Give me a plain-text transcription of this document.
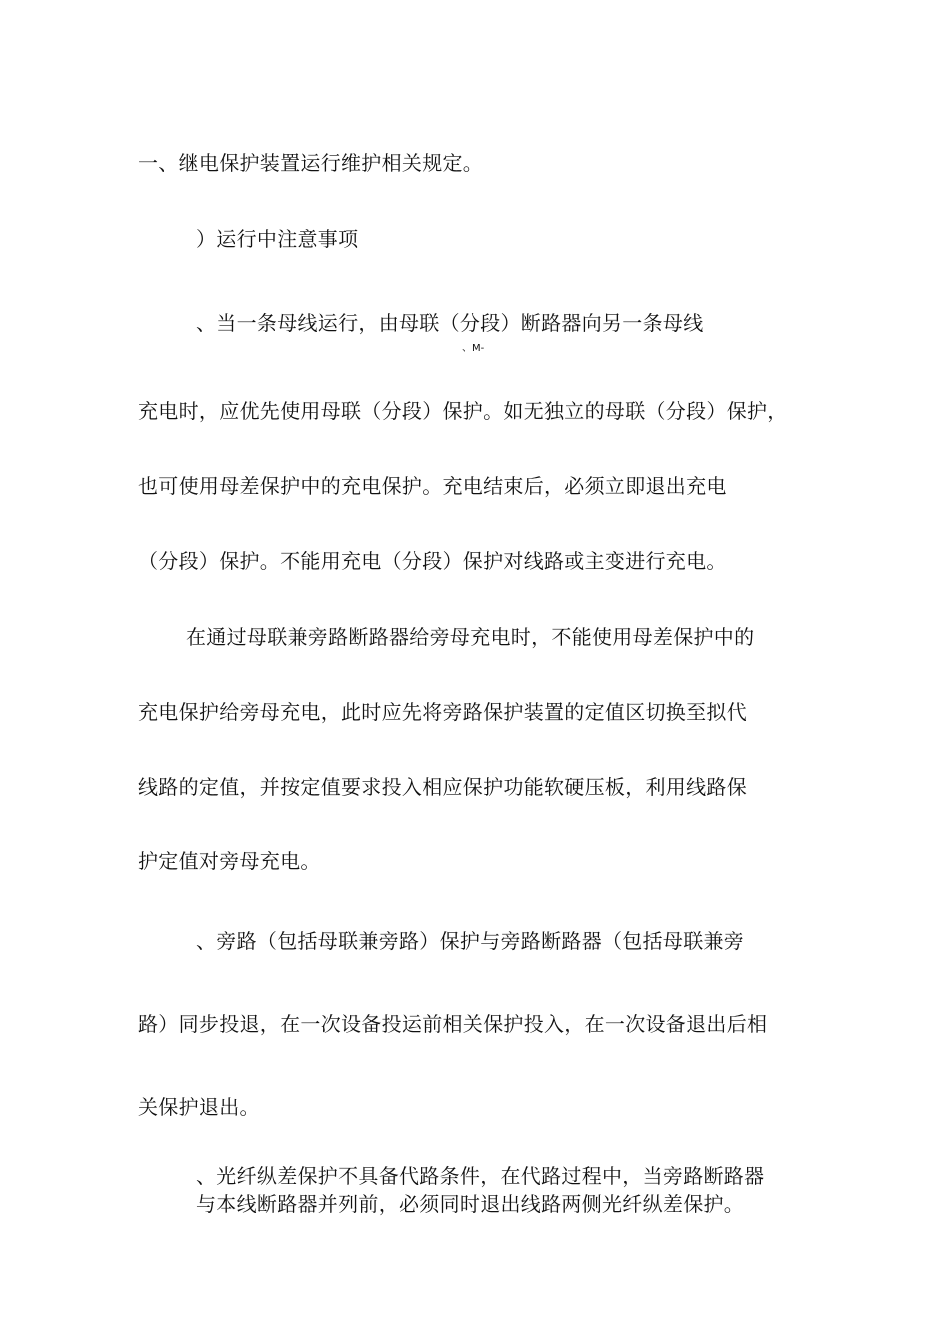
一、继电保护装置运行维护相关规定。
）运行中注意事项
、当一条母线运行，由母联（分段）断路器向另一条母线
、M-
充电时，应优先使用母联（分段）保护。如无独立的母联（分段）保护，
也可使用母差保护中的充电保护。充电结束后，必须立即退出充电
（分段）保护。不能用充电（分段）保护对线路或主变进行充电。
在通过母联兼旁路断路器给旁母充电时，不能使用母差保护中的
充电保护给旁母充电，此时应先将旁路保护装置的定值区切换至拟代
线路的定值，并按定值要求投入相应保护功能软硬压板，利用线路保
护定值对旁母充电。
、旁路（包括母联兼旁路）保护与旁路断路器（包括母联兼旁
路）同步投退，在一次设备投运前相关保护投入，在一次设备退出后相
关保护退出。
、光纤纵差保护不具备代路条件，在代路过程中，当旁路断路器
与本线断路器并列前，必须同时退出线路两侧光纤纵差保护。
